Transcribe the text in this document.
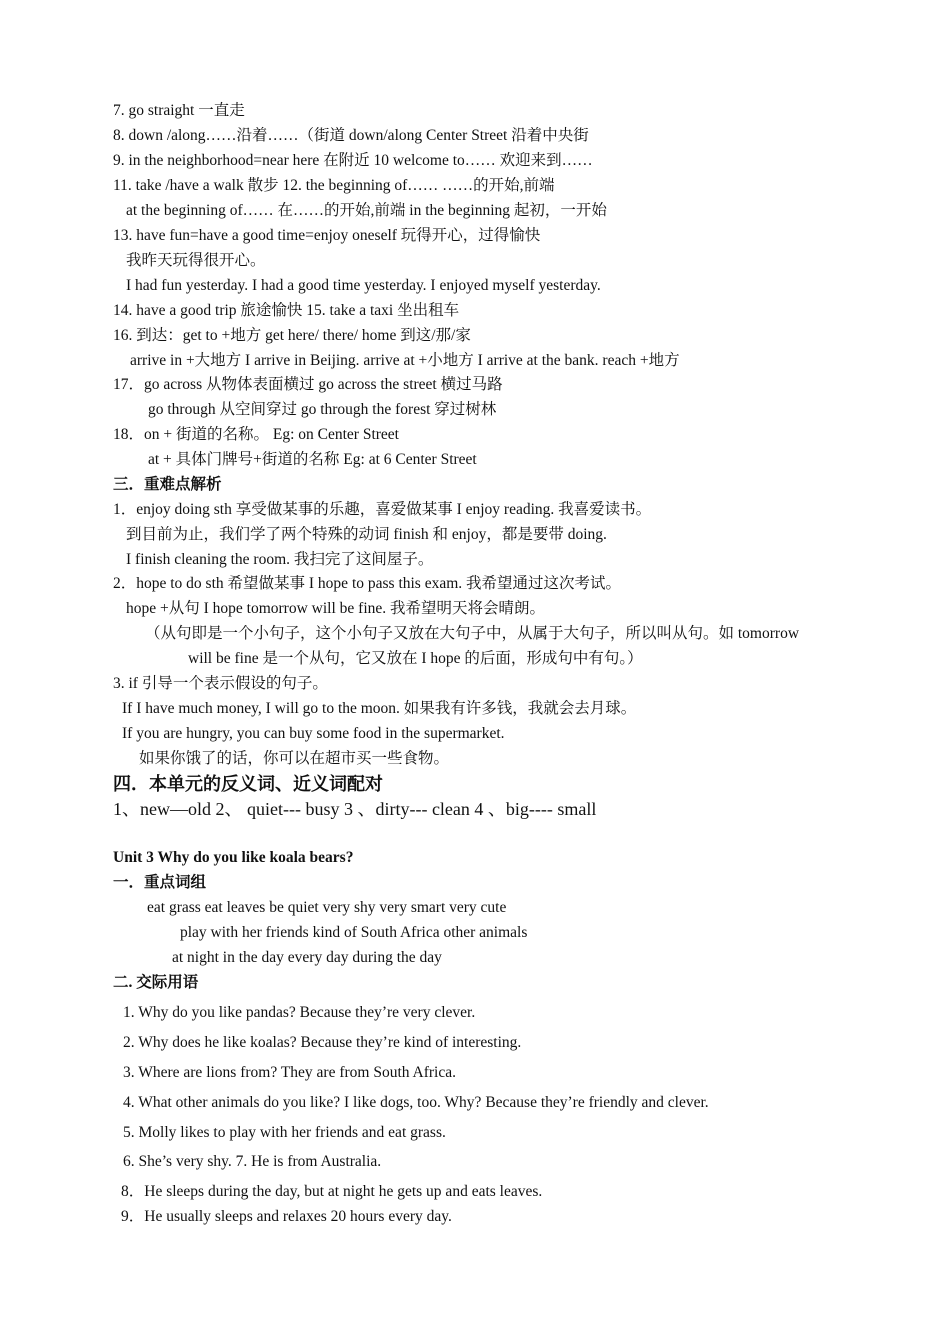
7. go straight 一直走
8. down /along……沿着……（街道 down/along Center Street 沿着中央街
9. in the neighborhood=near here 在附近 10 welcome to…… 欢迎来到……
11. take /have a walk 散步 12. the beginning of…… ……的开始,前端
at the beginning of…… 在……的开始,前端 in the beginning 起初，一开始
13. have fun=have a good time=enjoy oneself 玩得开心，过得愉快
我昨天玩得很开心。
I had fun yesterday. I had a good time yesterday. I enjoyed myself yesterday.
14. have a good trip 旅途愉快 15. take a taxi 坐出租车
16. 到达：get to +地方 get here/ there/ home 到这/那/家
arrive in +大地方 I arrive in Beijing. arrive at +小地方 I arrive at the bank. reach +地方
17．go across 从物体表面横过 go across the street 横过马路
go through 从空间穿过 go through the forest 穿过树林
18．on + 街道的名称。 Eg: on Center Street
at + 具体门牌号+街道的名称 Eg: at 6 Center Street
三．重难点解析
1．enjoy doing sth 享受做某事的乐趣，喜爱做某事 I enjoy reading. 我喜爱读书。
到目前为止，我们学了两个特殊的动词 finish 和 enjoy，都是要带 doing.
I finish cleaning the room. 我扫完了这间屋子。
2．hope to do sth 希望做某事 I hope to pass this exam. 我希望通过这次考试。
hope +从句 I hope tomorrow will be fine. 我希望明天将会晴朗。
（从句即是一个小句子，这个小句子又放在大句子中，从属于大句子，所以叫从句。如 tomorrow
will be fine 是一个从句，它又放在 I hope 的后面，形成句中有句。）
3. if 引导一个表示假设的句子。
If I have much money, I will go to the moon. 如果我有许多钱，我就会去月球。
If you are hungry, you can buy some food in the supermarket.
如果你饿了的话，你可以在超市买一些食物。
四．本单元的反义词、近义词配对
1、new—old 2、 quiet--- busy 3 、dirty--- clean 4 、big---- small
Unit 3 Why do you like koala bears?
一．重点词组
eat grass eat leaves be quiet very shy very smart very cute
play with her friends kind of South Africa other animals
at night in the day every day during the day
二. 交际用语
1. Why do you like pandas? Because they’re very clever.
2. Why does he like koalas? Because they’re kind of interesting.
3. Where are lions from? They are from South Africa.
4. What other animals do you like? I like dogs, too. Why? Because they’re friendly and clever.
5. Molly likes to play with her friends and eat grass.
6. She’s very shy. 7. He is from Australia.
8．He sleeps during the day, but at night he gets up and eats leaves.
9．He usually sleeps and relaxes 20 hours every day.
